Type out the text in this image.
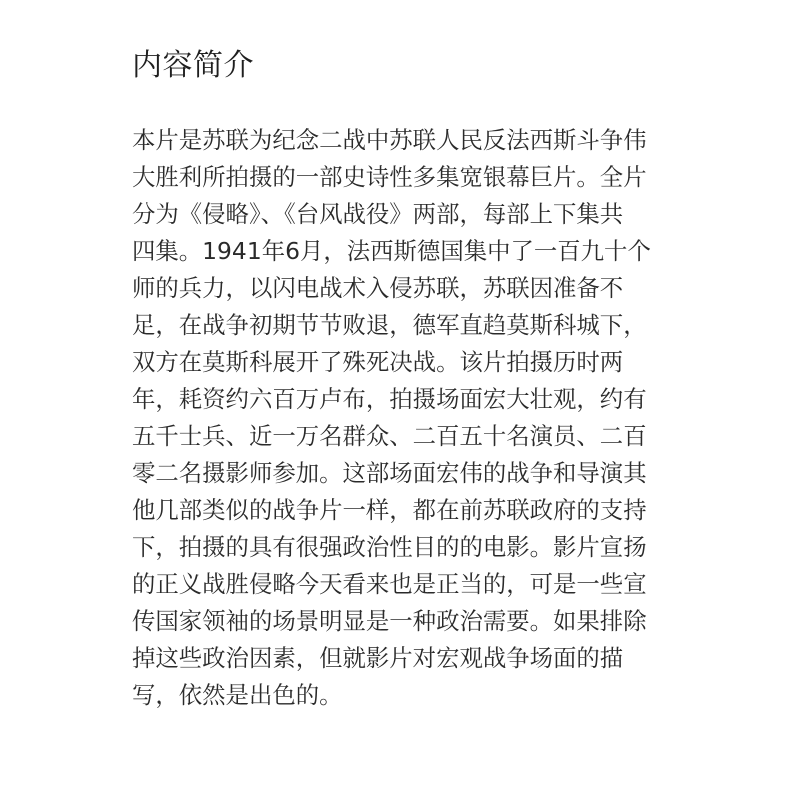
内容简介
本片是苏联为纪念二战中苏联人民反法西斯斗争伟
大胜利所拍摄的一部史诗性多集宽银幕巨片。全片
分为《侵略》、《台风战役》两部，每部上下集共
四集。1941年6月，法西斯德国集中了一百九十个
师的兵力，以闪电战术入侵苏联，苏联因准备不
足，在战争初期节节败退，德军直趋莫斯科城下，
双方在莫斯科展开了殊死决战。该片拍摄历时两
年，耗资约六百万卢布，拍摄场面宏大壮观，约有
五千士兵、近一万名群众、二百五十名演员、二百
零二名摄影师参加。这部场面宏伟的战争和导演其
他几部类似的战争片一样，都在前苏联政府的支持
下，拍摄的具有很强政治性目的的电影。影片宣扬
的正义战胜侵略今天看来也是正当的，可是一些宣
传国家领袖的场景明显是一种政治需要。如果排除
掉这些政治因素，但就影片对宏观战争场面的描
写，依然是出色的。
